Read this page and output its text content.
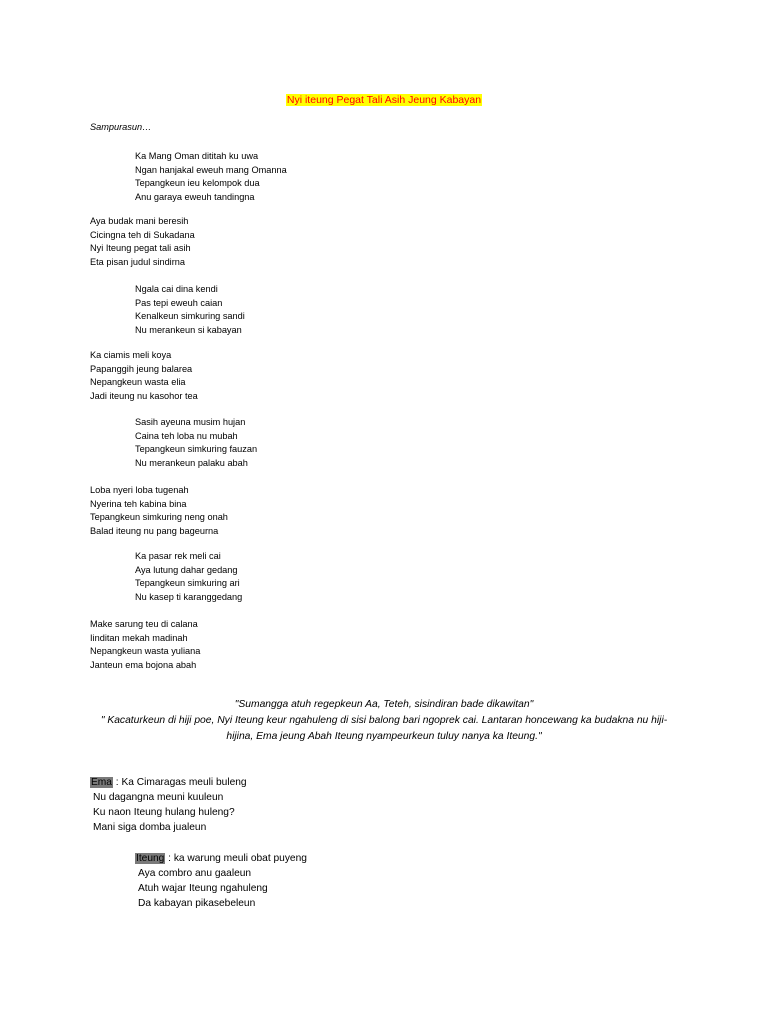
Nyi iteung Pegat Tali Asih Jeung Kabayan
Sampurasun…
Ka Mang Oman dititah ku uwa
Ngan hanjakal eweuh mang Omanna
Tepangkeun ieu kelompok dua
Anu garaya eweuh tandingna
Aya budak mani beresih
Cicingna teh di Sukadana
Nyi Iteung pegat tali asih
Eta pisan judul sindirna
Ngala cai dina kendi
Pas tepi eweuh caian
Kenalkeun simkuring sandi
Nu merankeun si kabayan
Ka ciamis meli koya
Papanggih jeung balarea
Nepangkeun wasta elia
Jadi iteung nu kasohor tea
Sasih ayeuna musim hujan
Caina teh loba nu mubah
Tepangkeun simkuring fauzan
Nu merankeun palaku abah
Loba nyeri loba tugenah
Nyerina teh kabina bina
Tepangkeun simkuring neng onah
Balad iteung nu pang bageurna
Ka pasar rek meli cai
Aya lutung dahar gedang
Tepangkeun simkuring ari
Nu kasep ti karanggedang
Make sarung teu di calana
Iinditan mekah madinah
Nepangkeun wasta yuliana
Janteun ema bojona abah
"Sumangga atuh regepkeun Aa, Teteh, sisindiran bade dikawitan"
" Kacaturkeun di hiji poe, Nyi Iteung keur ngahuleng di sisi balong bari ngoprek cai. Lantaran honcewang ka budakna nu hiji-hijina, Ema jeung Abah Iteung nyampeurkeun tuluy nanya ka Iteung."
Ema : Ka Cimaragas meuli buleng
Nu dagangna meuni kuuleun
Ku naon Iteung hulang huleng?
Mani siga domba jualeun
Iteung : ka warung meuli obat puyeng
Aya combro anu gaaleun
Atuh wajar Iteung ngahuleng
Da kabayan pikasebeleun
